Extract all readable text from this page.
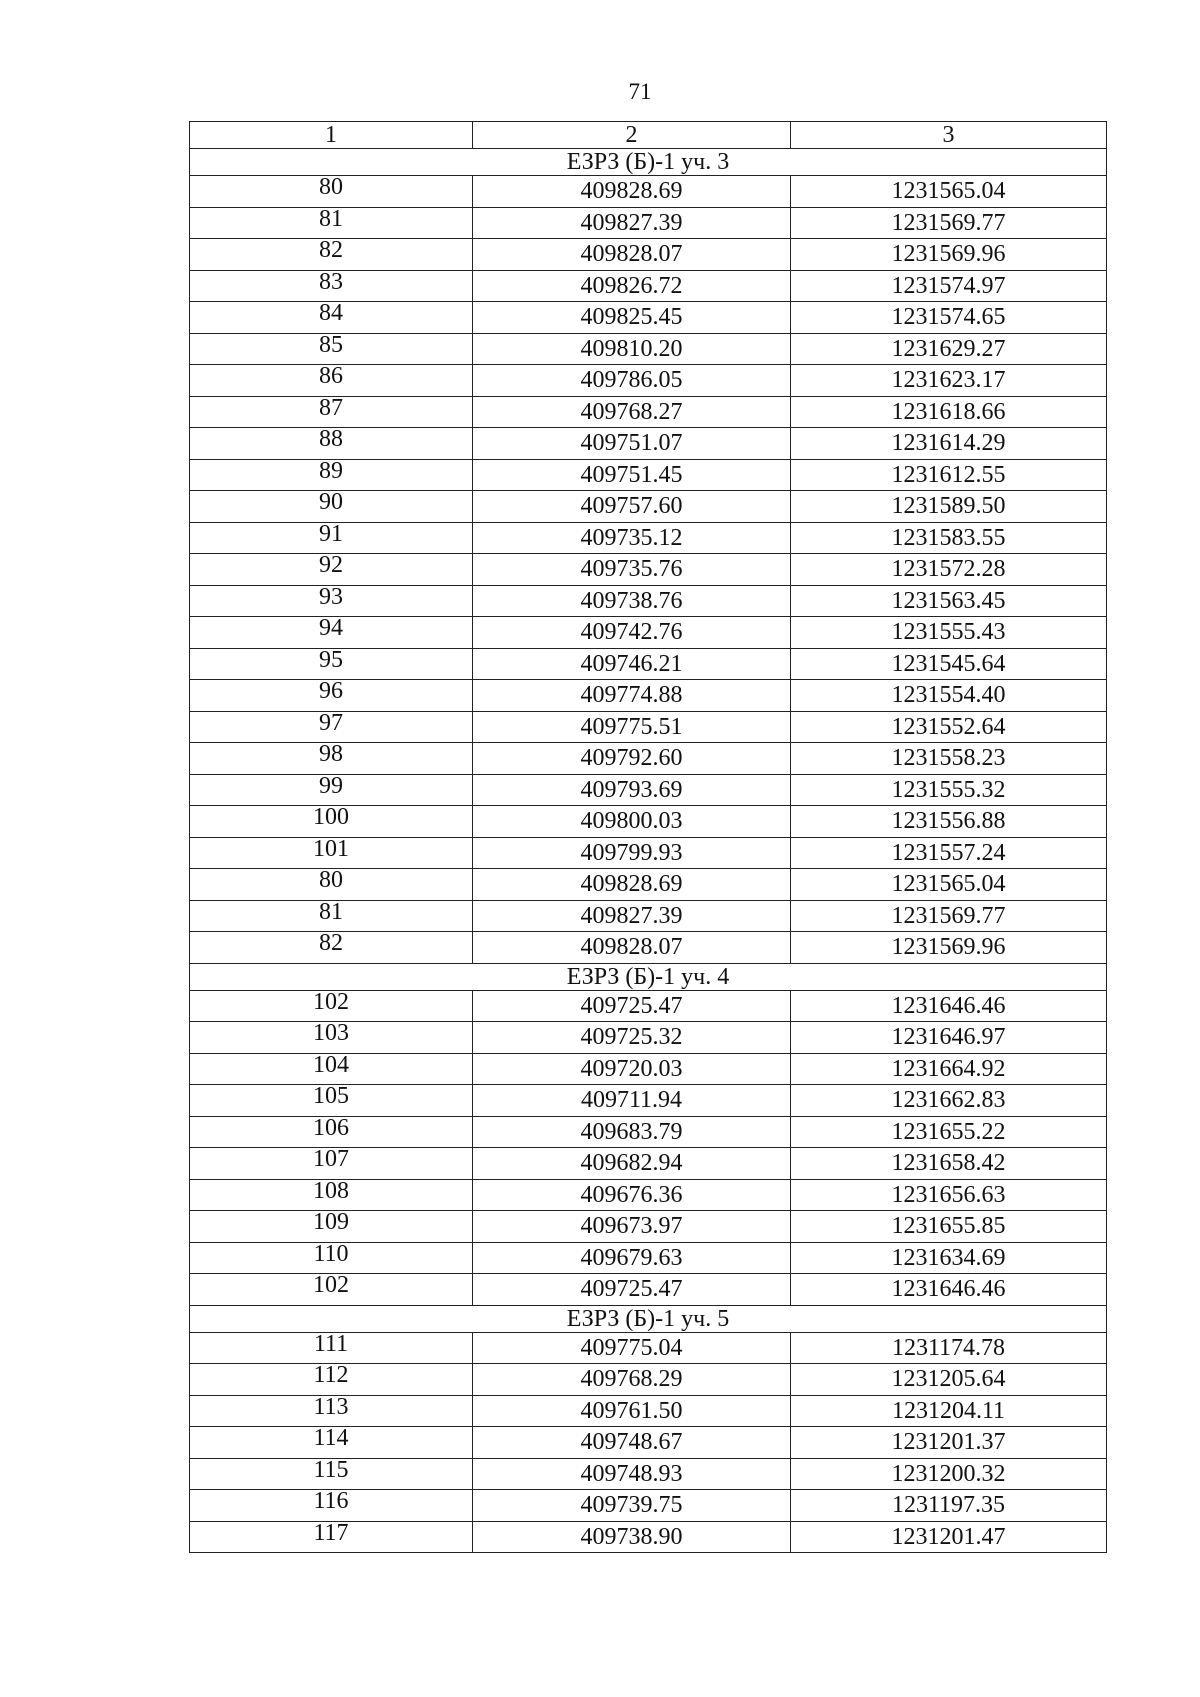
71
1	2	3
ЕЗРЗ (Б)-1 уч. 3		
80	409828.69	1231565.04
81	409827.39	1231569.77
82	409828.07	1231569.96
83	409826.72	1231574.97
84	409825.45	1231574.65
85	409810.20	1231629.27
86	409786.05	1231623.17
87	409768.27	1231618.66
88	409751.07	1231614.29
89	409751.45	1231612.55
90	409757.60	1231589.50
91	409735.12	1231583.55
92	409735.76	1231572.28
93	409738.76	1231563.45
94	409742.76	1231555.43
95	409746.21	1231545.64
96	409774.88	1231554.40
97	409775.51	1231552.64
98	409792.60	1231558.23
99	409793.69	1231555.32
100	409800.03	1231556.88
101	409799.93	1231557.24
80	409828.69	1231565.04
81	409827.39	1231569.77
82	409828.07	1231569.96
ЕЗРЗ (Б)-1 уч. 4		
102	409725.47	1231646.46
103	409725.32	1231646.97
104	409720.03	1231664.92
105	409711.94	1231662.83
106	409683.79	1231655.22
107	409682.94	1231658.42
108	409676.36	1231656.63
109	409673.97	1231655.85
110	409679.63	1231634.69
102	409725.47	1231646.46
ЕЗРЗ (Б)-1 уч. 5		
111	409775.04	1231174.78
112	409768.29	1231205.64
113	409761.50	1231204.11
114	409748.67	1231201.37
115	409748.93	1231200.32
116	409739.75	1231197.35
117	409738.90	1231201.47
